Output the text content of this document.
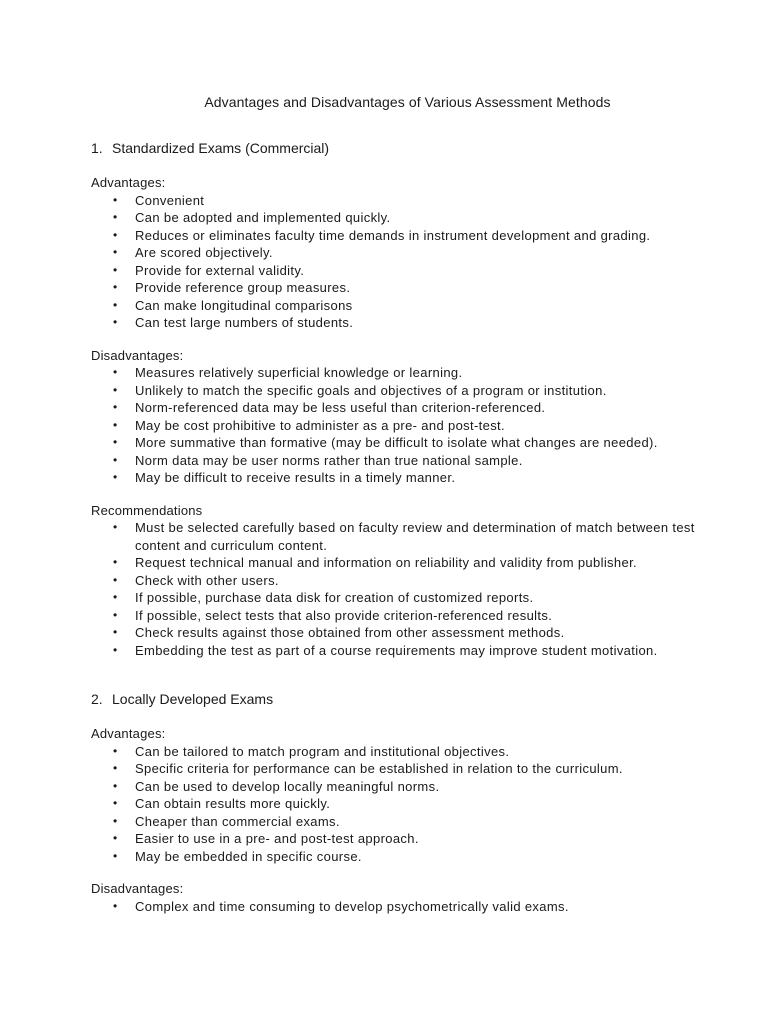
Advantages and Disadvantages of Various Assessment Methods
1. Standardized Exams (Commercial)
Advantages:
• Convenient
• Can be adopted and implemented quickly.
• Reduces or eliminates faculty time demands in instrument development and grading.
• Are scored objectively.
• Provide for external validity.
• Provide reference group measures.
• Can make longitudinal comparisons
• Can test large numbers of students.
Disadvantages:
• Measures relatively superficial knowledge or learning.
• Unlikely to match the specific goals and objectives of a program or institution.
• Norm-referenced data may be less useful than criterion-referenced.
• May be cost prohibitive to administer as a pre- and post-test.
• More summative than formative (may be difficult to isolate what changes are needed).
• Norm data may be user norms rather than true national sample.
• May be difficult to receive results in a timely manner.
Recommendations
• Must be selected carefully based on faculty review and determination of match between test content and curriculum content.
• Request technical manual and information on reliability and validity from publisher.
• Check with other users.
• If possible, purchase data disk for creation of customized reports.
• If possible, select tests that also provide criterion-referenced results.
• Check results against those obtained from other assessment methods.
• Embedding the test as part of a course requirements may improve student motivation.
2. Locally Developed Exams
Advantages:
• Can be tailored to match program and institutional objectives.
• Specific criteria for performance can be established in relation to the curriculum.
• Can be used to develop locally meaningful norms.
• Can obtain results more quickly.
• Cheaper than commercial exams.
• Easier to use in a pre- and post-test approach.
• May be embedded in specific course.
Disadvantages:
• Complex and time consuming to develop psychometrically valid exams.
